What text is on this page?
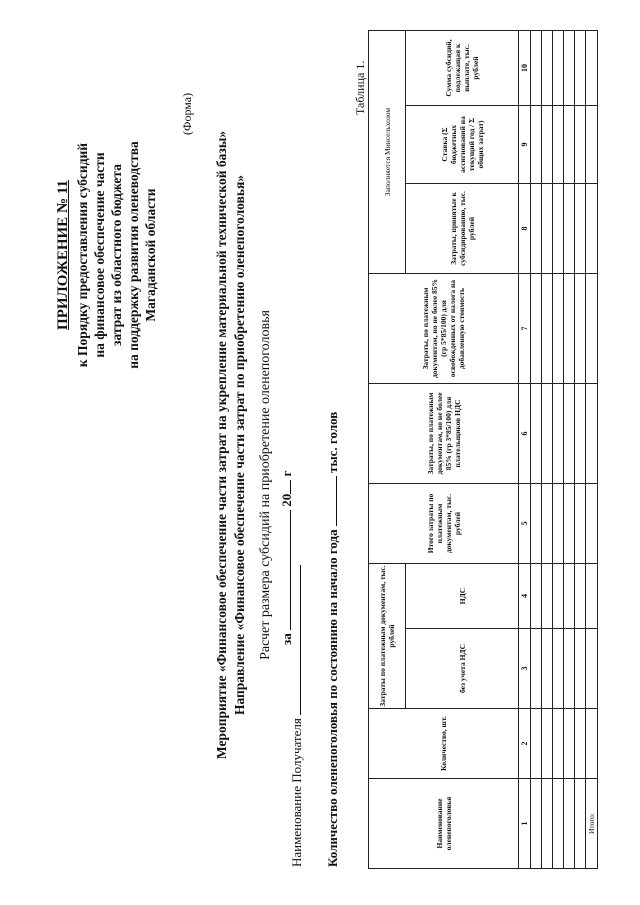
ПРИЛОЖЕНИЕ № 11 к Порядку предоставления субсидий на финансовое обеспечение части затрат из областного бюджета на поддержку развития оленеводства Магаданской области
(Форма)
Мероприятие «Финансовое обеспечение части затрат на укрепление материальной технической базы» Направление «Финансовое обеспечение части затрат по приобретению оленепоголовья» Расчет размера субсидий на приобретение оленепоголовья за  20 г
Наименование Получателя Количество оленепоголовья по состоянию на начало года  тыс. голов
Таблица 1.
Наименование оленепоголовья	Количество, шт.	Затраты по платежным документам, тыс. рублей		Итого затраты по платежным документам, тыс. рублей	Затраты, по платежным документам, но не более 85% (гр 3*85/100) для плательщиков НДС	Затраты, по платежным документам, но не более 85% (гр 5*85/100) для освобожденных от налога на добавленную стоимость	Заполняется Минсельхозом		
		без учета НДС	НДС				Затраты, принятые к субсидированию, тыс. рублей	Ставка (Σ бюджетных ассигнований на текущий год / Σ общих затрат)	Сумма субсидий, подлежащая к выплате, тыс. рублей
1	2	3	4	5	6	7	8	9	10

Итого:									
